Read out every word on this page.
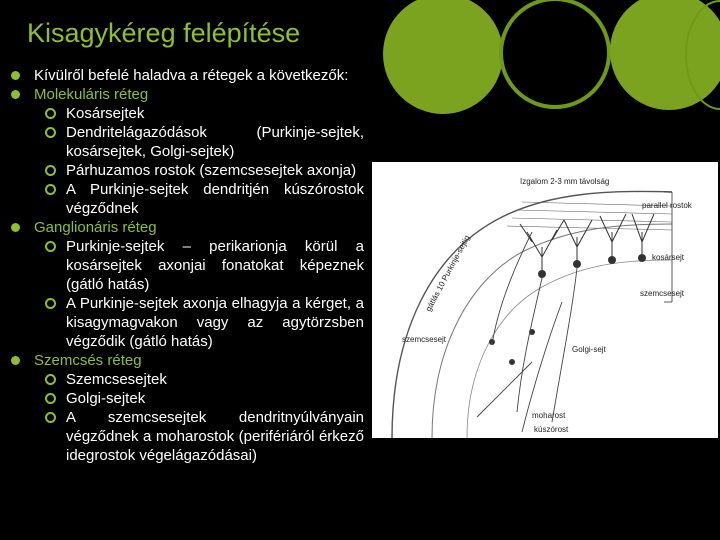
Kisagykéreg felépítése
Kívülről befelé haladva a rétegek a következők:
Molekuláris réteg
Kosársejtek
Dendritelágazódások (Purkinje-sejtek, kosársejtek, Golgi-sejtek)
Párhuzamos rostok (szemcsesejtek axonja)
A Purkinje-sejtek dendritjén kúszórostok végződnek
Ganglionáris réteg
Purkinje-sejtek – perikarionja körül a kosársejtek axonjai fonatokat képeznek (gátló hatás)
A Purkinje-sejtek axonja elhagyja a kérget, a kisagymagvakon vagy az agytörzsben végződik (gátló hatás)
Szemcsés réteg
Szemcsesejtek
Golgi-sejtek
A szemcsesejtek dendritnyúlványain végződnek a moharostok (perifériáról érkező idegrostok végelágazódásai)
Izgalom 2-3 mm távolság
parallel rostok
kosársejt
szemcsesejt
szemcsesejt
Golgi-sejt
moharost
kúszórost
gátlás 10 Purkinje-sejtig
